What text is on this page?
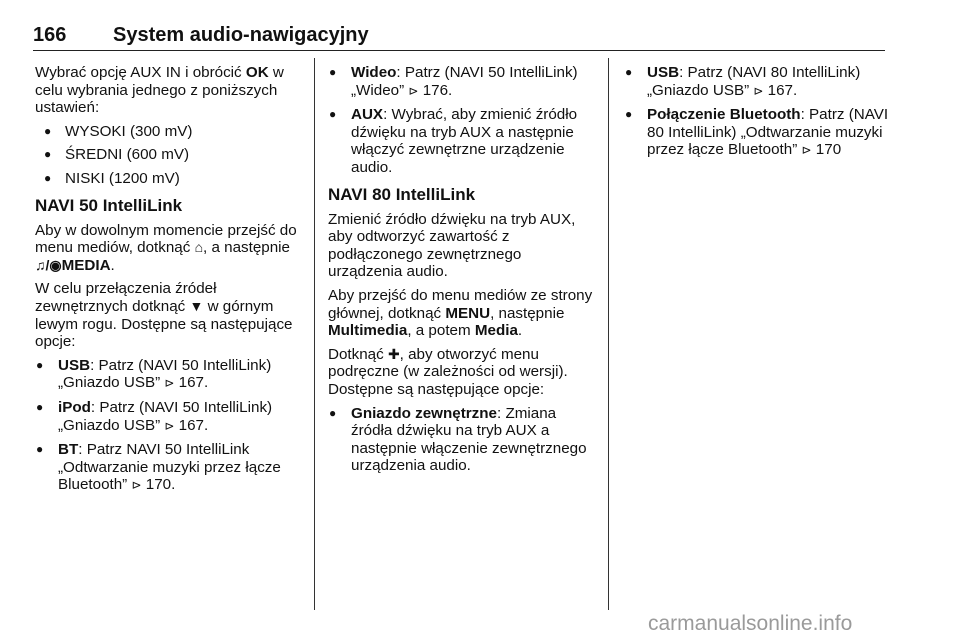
166 System audio-nawigacyjny

Wybrać opcję AUX IN i obrócić OK w celu wybrania jednego z poniższych ustawień:

● WYSOKI (300 mV)
● ŚREDNI (600 mV)
● NISKI (1200 mV)
NAVI 50 IntelliLink

Aby w dowolnym momencie przejść do menu mediów, dotknąć ⌂, a następnie ♫/◉MEDIA.

W celu przełączenia źródeł zewnętrznych dotknąć ▼ w górnym lewym rogu. Dostępne są następujące opcje:

● USB: Patrz (NAVI 50 IntelliLink) „Gniazdo USB” ⊳ 167.
● iPod: Patrz (NAVI 50 IntelliLink) „Gniazdo USB” ⊳ 167.
● BT: Patrz NAVI 50 IntelliLink „Odtwarzanie muzyki przez łącze Bluetooth” ⊳ 170.
● Wideo: Patrz (NAVI 50 IntelliLink) „Wideo” ⊳ 176.
● AUX: Wybrać, aby zmienić źródło dźwięku na tryb AUX a następnie włączyć zewnętrzne urządzenie audio.
NAVI 80 IntelliLink

Zmienić źródło dźwięku na tryb AUX, aby odtworzyć zawartość z podłączonego zewnętrznego urządzenia audio.

Aby przejść do menu mediów ze strony głównej, dotknąć MENU, następnie Multimedia, a potem Media.

Dotknąć ✚, aby otworzyć menu podręczne (w zależności od wersji). Dostępne są następujące opcje:

● Gniazdo zewnętrzne: Zmiana źródła dźwięku na tryb AUX a następnie włączenie zewnętrznego urządzenia audio.
● USB: Patrz (NAVI 80 IntelliLink) „Gniazdo USB” ⊳ 167.
● Połączenie Bluetooth: Patrz (NAVI 80 IntelliLink) „Odtwarzanie muzyki przez łącze Bluetooth” ⊳ 170
carmanualsonline.info
